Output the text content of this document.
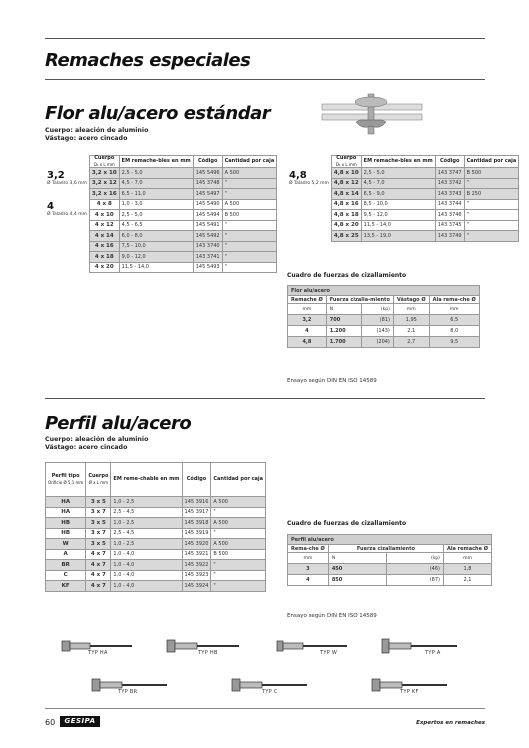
Remaches especiales
Flor alu/acero estándar
Cuerpo: aleación de aluminio
Vástago: acero cincado
	Cuerpo
D₁ x L mm	EM remache-bles en mm	Código	Cantidad por caja

3,2
Ø Taladro 3,6 mm	3,2 x 10	2,5 - 5,0	145 5496	A 500
	3,2 x 12	4,5 - 7,0	145 3748	"
	3,2 x 16	6,5 - 11,0	145 5497	"

4
Ø Taladro 4,4 mm	4 x 8	1,0 - 3,0	145 5490	A 500
	4 x 10	2,5 - 5,0	145 5494	B 500
	4 x 12	4,5 - 6,5	145 5491	"
	4 x 14	6,0 - 8,0	145 5492	"
	4 x 16	7,5 - 10,0	143 3740	"
	4 x 18	9,0 - 12,0	143 3741	"
	4 x 20	11,5 - 14,0	145 5493	"
	Cuerpo
D₁ x L mm	EM remache-bles en mm	Código	Cantidad por caja

4,8
Ø Taladro 5,2 mm	4,8 x 10	2,5 - 5,0	143 3747	B 500
	4,8 x 12	4,5 - 7,0	143 3742	"
	4,8 x 14	6,5 - 9,0	143 3743	B 250
	4,8 x 16	8,5 - 10,0	143 3744	"
	4,8 x 18	9,5 - 12,0	143 3746	"
	4,8 x 20	11,5 - 14,0	143 3745	"
	4,8 x 25	13,5 - 19,0	143 3749	"
Cuadro de fuerzas de cizallamiento
Flor alu/acero				
Remache Ø	Fuerza cizalla-miento		Vástago Ø	Ala rema-che Ø
mm	N	(kp)	mm	mm
3,2	700	(81)	1,95	6,5
4	1.200	(143)	2,1	8,0
4,8	1.700	(204)	2,7	9,5
Ensayo según DIN EN ISO 14589
Perfil alu/acero
Cuerpo: aleación de aluminio
Vástago: acero cincado
Perfil tipo
Orificio Ø 5,1 mm	Cuerpo
Ø x L mm	EM reme-chable en mm	Código	Cantidad por caja
HA	3 x 5	1,0 - 2,5	145 3916	A 500
HA	3 x 7	2,5 - 4,5	145 3917	"
HB	3 x 5	1,0 - 2,5	145 3918	A 500
HB	3 x 7	2,5 - 4,5	145 3919	"
W	3 x 5	1,0 - 2,5	145 3920	A 500
A	4 x 7	1,0 - 4,0	145 3921	B 500
BR	4 x 7	1,0 - 4,0	145 3922	"
C	4 x 7	1,0 - 4,0	145 3923	"
KF	4 x 7	1,0 - 4,0	145 3924	"
Cuadro de fuerzas de cizallamiento
Perfil alu/acero			
Rema-che Ø	Fuerza cizallamiento		Ala remache Ø
mm	N	(kp)	mm
3	450	(46)	1,8
4	850	(87)	2,1
Ensayo según DIN EN ISO 14589
TYP HA	TYP HB	TYP W	TYP A
TYP BR	TYP C	TYP KF
60	GESIPA	Expertos en remaches
